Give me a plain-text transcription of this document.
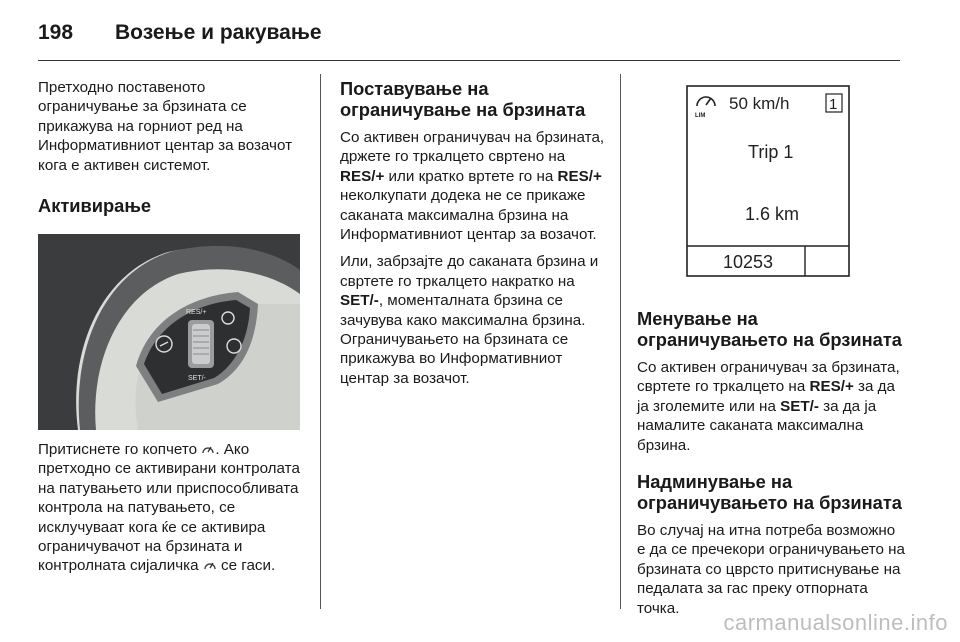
198	Возење и ракување

Претходно поставеното ограничување за брзината се прикажува на горниот ред на Информативниот центар за возачот кога е активен системот.

Активирање

RES/+
SET/-

Притиснете го копчето . Ако претходно се активирани контролата на патувањето или приспособливата контрола на патувањето, се исклучуваат кога ќе се активира ограничувачот на брзината и контролната сијаличка  се гаси.

Поставување на ограничување на брзината

Со активен ограничувач на брзината, држете го тркалцето свртено на RES/+ или кратко вртете го на RES/+ неколкупати додека не се прикаже саканата максимална брзина на Информативниот центар за возачот.

Или, забрзајте до саканата брзина и свртете го тркалцето накратко на SET/-, моменталната брзина се зачувува како максимална брзина. Ограничувањето на брзината се прикажува во Информативниот центар за возачот.

LIM
50 km/h	1
Trip 1
1.6 km
10253

Менување на ограничувањето на брзината

Со активен ограничувач за брзината, свртете го тркалцето на RES/+ за да ја зголемите или на SET/- за да ја намалите саканата максимална брзина.

Надминување на ограничувањето на брзината

Во случај на итна потреба возможно е да се пречекори ограничувањето на брзината со цврсто притиснување на педалата за гас преку отпорната точка.

carmanualsonline.info
